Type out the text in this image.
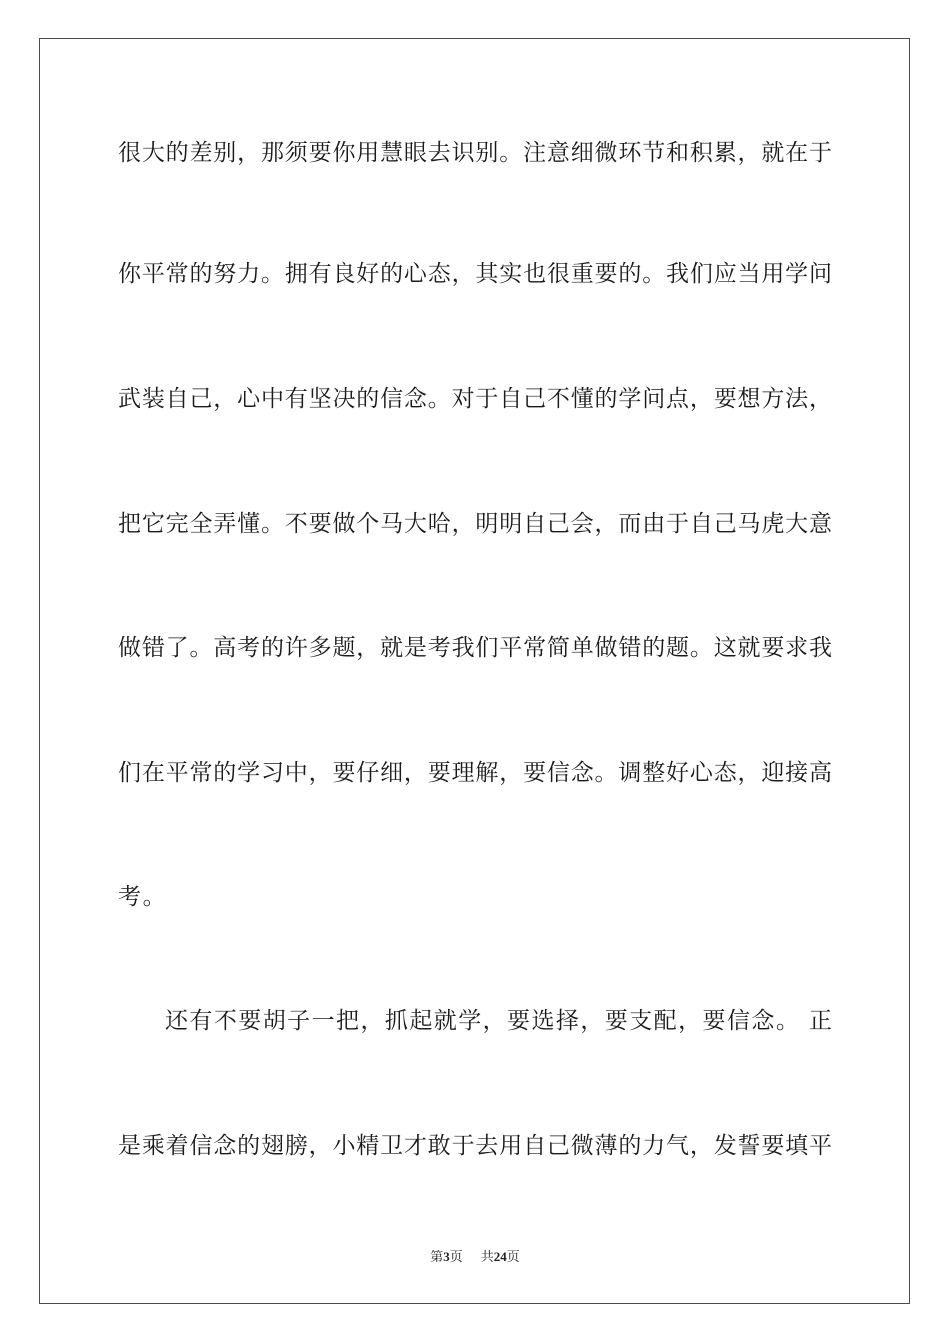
很大的差别，那须要你用慧眼去识别。注意细微环节和积累，就在于
你平常的努力。拥有良好的心态，其实也很重要的。我们应当用学问
武装自己，心中有坚决的信念。对于自己不懂的学问点，要想方法，
把它完全弄懂。不要做个马大哈，明明自己会，而由于自己马虎大意
做错了。高考的许多题，就是考我们平常简单做错的题。这就要求我
们在平常的学习中，要仔细，要理解，要信念。调整好心态，迎接高
考。
还有不要胡子一把，抓起就学，要选择，要支配，要信念。 正
是乘着信念的翅膀，小精卫才敢于去用自己微薄的力气，发誓要填平
第3页 共24页
